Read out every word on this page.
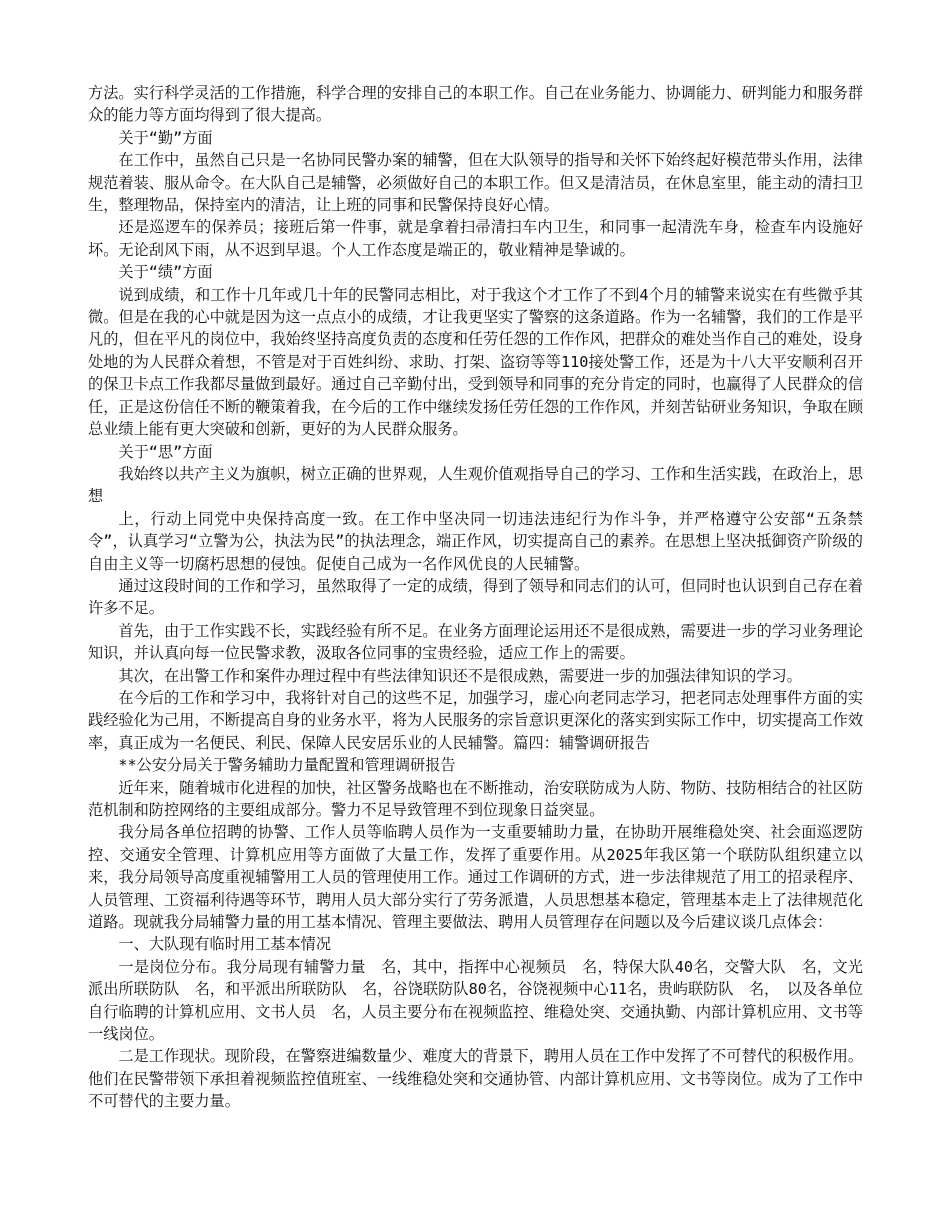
方法。实行科学灵活的工作措施，科学合理的安排自己的本职工作。自己在业务能力、协调能力、研判能力和服务群众的能力等方面均得到了很大提高。

关于“勤”方面

在工作中，虽然自己只是一名协同民警办案的辅警，但在大队领导的指导和关怀下始终起好模范带头作用，法律规范着装、服从命令。在大队自己是辅警，必须做好自己的本职工作。但又是清洁员，在休息室里，能主动的清扫卫生，整理物品，保持室内的清洁，让上班的同事和民警保持良好心情。

还是巡逻车的保养员；接班后第一件事，就是拿着扫帚清扫车内卫生，和同事一起清洗车身，检查车内设施好坏。无论刮风下雨，从不迟到早退。个人工作态度是端正的，敬业精神是挚诚的。

关于“绩”方面

说到成绩，和工作十几年或几十年的民警同志相比，对于我这个才工作了不到4个月的辅警来说实在有些微乎其微。但是在我的心中就是因为这一点点小的成绩，才让我更坚实了警察的这条道路。作为一名辅警，我们的工作是平凡的，但在平凡的岗位中，我始终坚持高度负责的态度和任劳任怨的工作作风，把群众的难处当作自己的难处，设身处地的为人民群众着想，不管是对于百姓纠纷、求助、打架、盗窃等等110接处警工作，还是为十八大平安顺利召开的保卫卡点工作我都尽量做到最好。通过自己辛勤付出，受到领导和同事的充分肯定的同时，也赢得了人民群众的信任，正是这份信任不断的鞭策着我，在今后的工作中继续发扬任劳任怨的工作作风，并刻苦钻研业务知识，争取在顾总业绩上能有更大突破和创新，更好的为人民群众服务。

关于“思”方面

我始终以共产主义为旗帜，树立正确的世界观，人生观价值观指导自己的学习、工作和生活实践，在政治上，思想

上，行动上同党中央保持高度一致。在工作中坚决同一切违法违纪行为作斗争，并严格遵守公安部“五条禁令”，认真学习“立警为公，执法为民”的执法理念，端正作风，切实提高自己的素养。在思想上坚决抵御资产阶级的自由主义等一切腐朽思想的侵蚀。促使自己成为一名作风优良的人民辅警。

通过这段时间的工作和学习，虽然取得了一定的成绩，得到了领导和同志们的认可，但同时也认识到自己存在着许多不足。

首先，由于工作实践不长，实践经验有所不足。在业务方面理论运用还不是很成熟，需要进一步的学习业务理论知识，并认真向每一位民警求教，汲取各位同事的宝贵经验，适应工作上的需要。

其次，在出警工作和案件办理过程中有些法律知识还不是很成熟，需要进一步的加强法律知识的学习。

在今后的工作和学习中，我将针对自己的这些不足，加强学习，虚心向老同志学习，把老同志处理事件方面的实践经验化为己用，不断提高自身的业务水平，将为人民服务的宗旨意识更深化的落实到实际工作中，切实提高工作效率，真正成为一名便民、利民、保障人民安居乐业的人民辅警。篇四：辅警调研报告

**公安分局关于警务辅助力量配置和管理调研报告

近年来，随着城市化进程的加快，社区警务战略也在不断推动，治安联防成为人防、物防、技防相结合的社区防范机制和防控网络的主要组成部分。警力不足导致管理不到位现象日益突显。

我分局各单位招聘的协警、工作人员等临聘人员作为一支重要辅助力量，在协助开展维稳处突、社会面巡逻防控、交通安全管理、计算机应用等方面做了大量工作，发挥了重要作用。从2025年我区第一个联防队组织建立以来，我分局领导高度重视辅警用工人员的管理使用工作。通过工作调研的方式，进一步法律规范了用工的招录程序、人员管理、工资福利待遇等环节，聘用人员大部分实行了劳务派遣，人员思想基本稳定，管理基本走上了法律规范化道路。现就我分局辅警力量的用工基本情况、管理主要做法、聘用人员管理存在问题以及今后建议谈几点体会：

一、大队现有临时用工基本情况

一是岗位分布。我分局现有辅警力量　名，其中，指挥中心视频员　名，特保大队40名，交警大队　名，文光派出所联防队　名，和平派出所联防队　名，谷饶联防队80名，谷饶视频中心11名，贵屿联防队　名，　以及各单位自行临聘的计算机应用、文书人员　名，人员主要分布在视频监控、维稳处突、交通执勤、内部计算机应用、文书等一线岗位。

二是工作现状。现阶段，在警察进编数量少、难度大的背景下，聘用人员在工作中发挥了不可替代的积极作用。他们在民警带领下承担着视频监控值班室、一线维稳处突和交通协管、内部计算机应用、文书等岗位。成为了工作中不可替代的主要力量。
